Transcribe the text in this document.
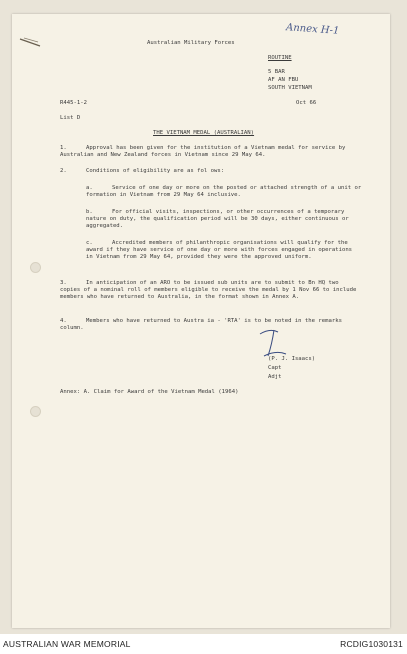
Annex H-1
Australian Military Forces
ROUTINE
5 BAR
AF AN FBU
SOUTH VIETNAM
R445-1-2	Oct 66
List D
THE VIETNAM MEDAL (AUSTRALIAN)
1.	Approval has been given for the institution of a Vietnam medal for service by Australian and New Zealand forces in Vietnam since 29 May 64.
2.	Conditions of eligibility are as fol ows:
a.	Service of one day or more on the posted or attached strength of a unit or formation in Vietnam from 29 May 64 inclusive.
b.	For official visits, inspections, or other occurrences of a temporary nature on duty, the qualification period will be 30 days, either continuous or aggregated.
c.	Accredited members of philanthropic organisations will qualify for the award if they have service of one day or more with forces engaged in operations in Vietnam from 29 May 64, provided they were the approved uniform.
3.	In anticipation of an ARO to be issued sub units are to submit to Bn HQ two copies of a nominal roll of members eligible to receive the medal by 1 Nov 66 to include members who have returned to Australia, in the format shown in Annex A.
4.	Members who have returned to Austra ia - 'RTA' is to be noted in the remarks column.
(P. J. Isaacs)
Capt
Adjt
Annex: A. Claim for Award of the Vietnam Medal (1964)
AUSTRALIAN WAR MEMORIAL	RCDIG1030131
